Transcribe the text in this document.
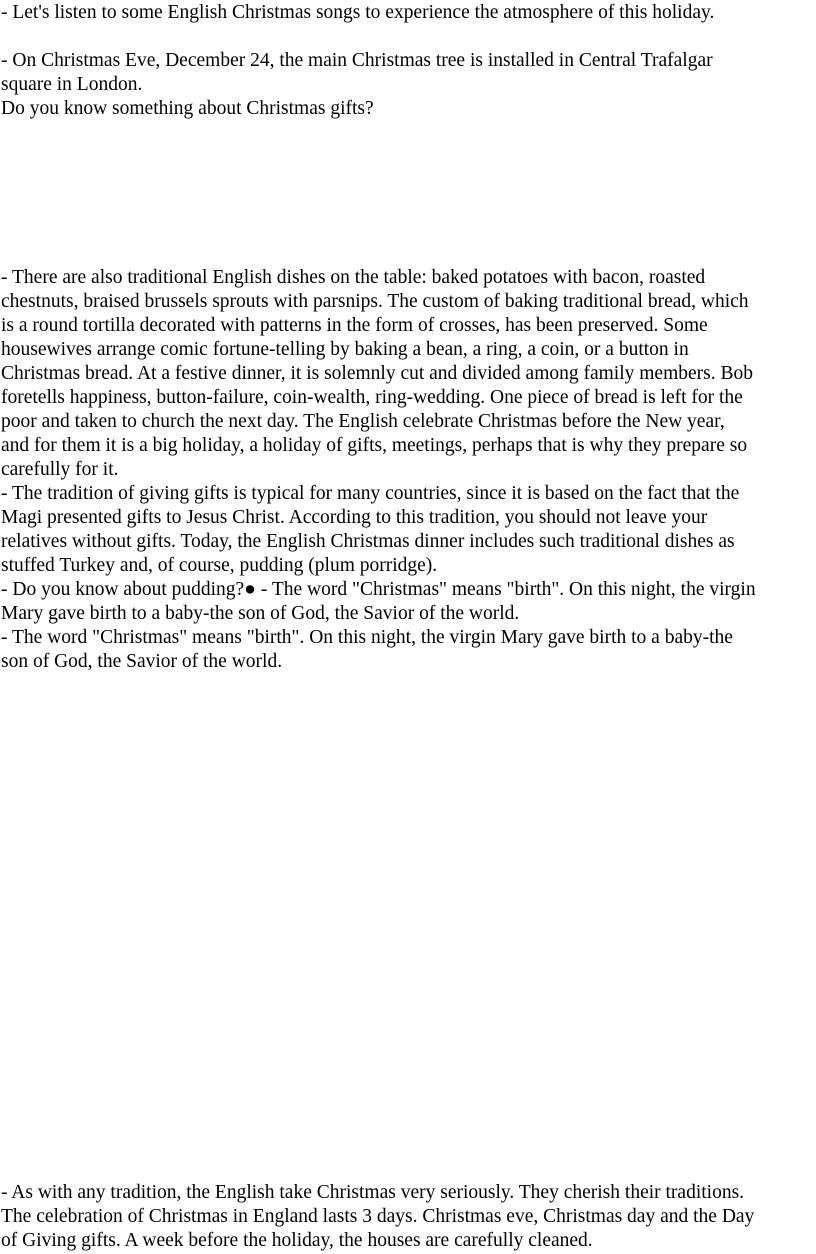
- Let's listen to some English Christmas songs to experience the atmosphere of this holiday.

- On Christmas Eve, December 24, the main Christmas tree is installed in Central Trafalgar
square in London.
Do you know something about Christmas gifts?

- There are also traditional English dishes on the table: baked potatoes with bacon, roasted
chestnuts, braised brussels sprouts with parsnips. The custom of baking traditional bread, which
is a round tortilla decorated with patterns in the form of crosses, has been preserved. Some
housewives arrange comic fortune-telling by baking a bean, a ring, a coin, or a button in
Christmas bread. At a festive dinner, it is solemnly cut and divided among family members. Bob
foretells happiness, button-failure, coin-wealth, ring-wedding. One piece of bread is left for the
poor and taken to church the next day. The English celebrate Christmas before the New year,
and for them it is a big holiday, a holiday of gifts, meetings, perhaps that is why they prepare so
carefully for it.
- The tradition of giving gifts is typical for many countries, since it is based on the fact that the
Magi presented gifts to Jesus Christ. According to this tradition, you should not leave your
relatives without gifts. Today, the English Christmas dinner includes such traditional dishes as
stuffed Turkey and, of course, pudding (plum porridge).
- Do you know about pudding?● - The word "Christmas" means "birth". On this night, the virgin
Mary gave birth to a baby-the son of God, the Savior of the world.
- The word "Christmas" means "birth". On this night, the virgin Mary gave birth to a baby-the
son of God, the Savior of the world.

- As with any tradition, the English take Christmas very seriously. They cherish their traditions.
The celebration of Christmas in England lasts 3 days. Christmas eve, Christmas day and the Day
of Giving gifts. A week before the holiday, the houses are carefully cleaned.
